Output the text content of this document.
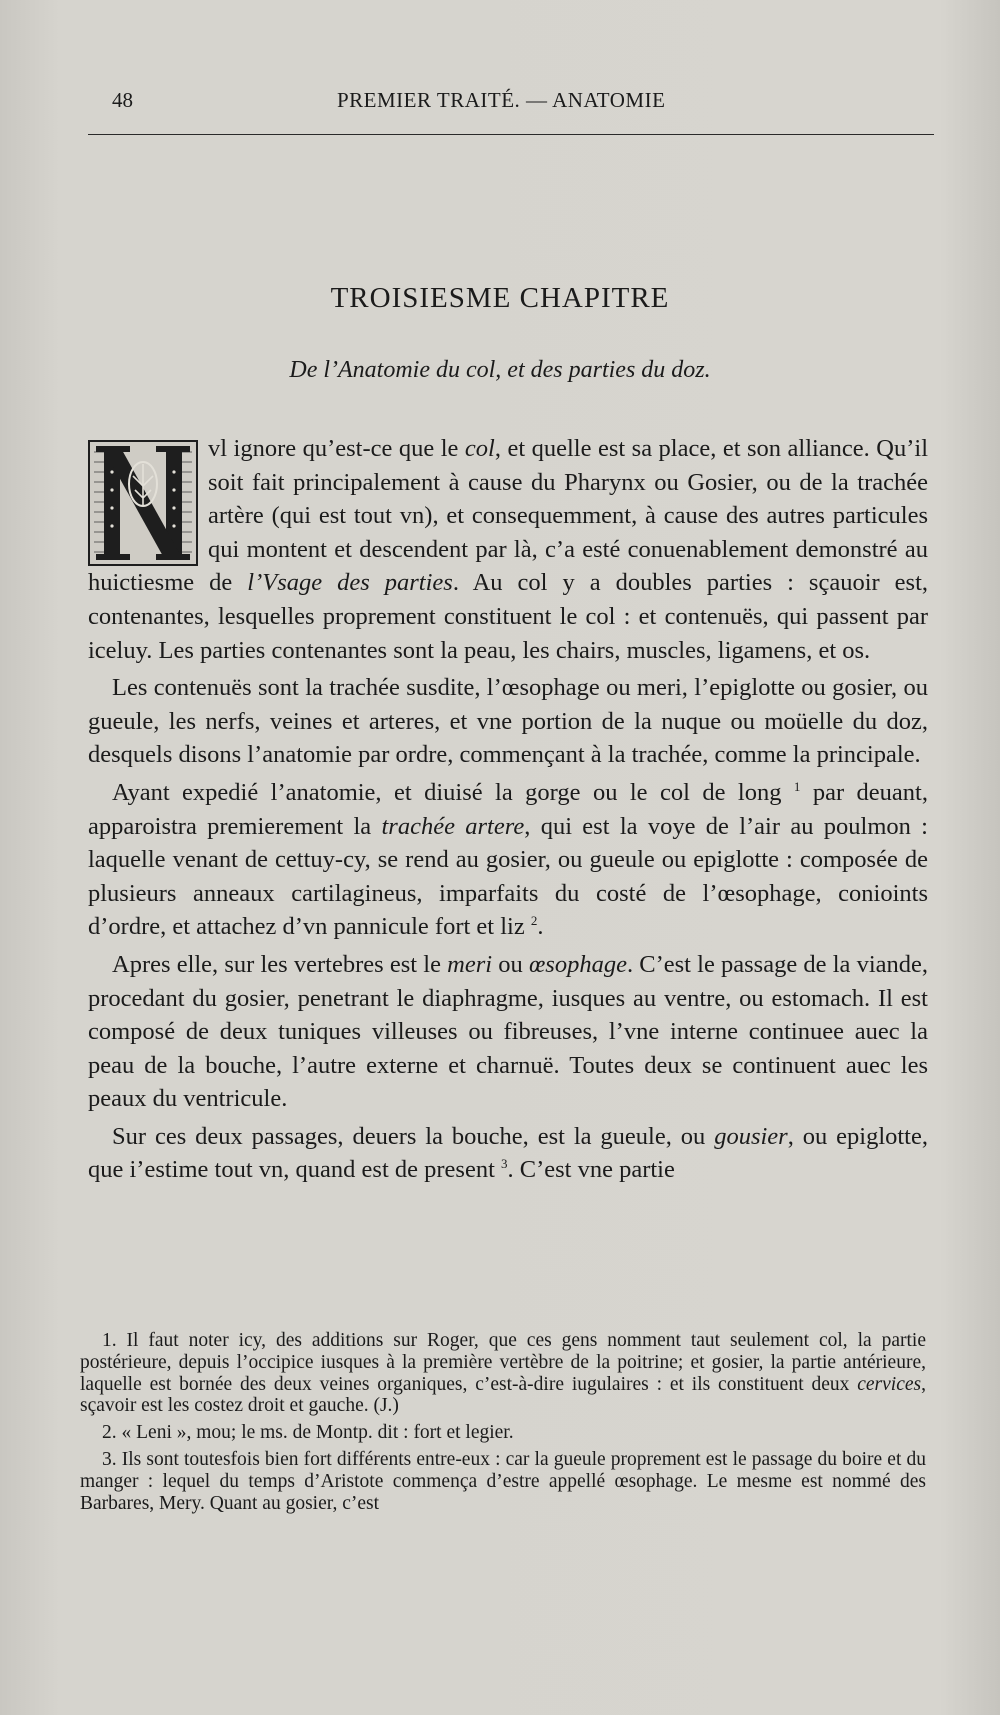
48	PREMIER TRAITÉ. — ANATOMIE
TROISIESME CHAPITRE
De l’Anatomie du col, et des parties du doz.

vl ignore qu’est-ce que le col, et quelle est sa place, et son alliance. Qu’il soit fait principalement à cause du Pharynx ou Gosier, ou de la trachée artère (qui est tout vn), et consequemment, à cause des autres particules qui montent et descendent par là, c’a esté conuenablement demonstré au huictiesme de l’Vsage des parties. Au col y a doubles parties : sçauoir est, contenantes, lesquelles proprement constituent le col : et contenuës, qui passent par iceluy. Les parties contenantes sont la peau, les chairs, muscles, ligamens, et os.

Les contenuës sont la trachée susdite, l’œsophage ou meri, l’epiglotte ou gosier, ou gueule, les nerfs, veines et arteres, et vne portion de la nuque ou moüelle du doz, desquels disons l’anatomie par ordre, commençant à la trachée, comme la principale.

Ayant expedié l’anatomie, et diuisé la gorge ou le col de long $^1$ par deuant, apparoistra premierement la trachée artere, qui est la voye de l’air au poulmon : laquelle venant de cettuy-cy, se rend au gosier, ou gueule ou epiglotte : composée de plusieurs anneaux cartilagineus, imparfaits du costé de l’œsophage, conioints d’ordre, et attachez d’vn pannicule fort et liz $^2$.

Apres elle, sur les vertebres est le meri ou œsophage. C’est le passage de la viande, procedant du gosier, penetrant le diaphragme, iusques au ventre, ou estomach. Il est composé de deux tuniques villeuses ou fibreuses, l’vne interne continuee auec la peau de la bouche, l’autre externe et charnuë. Toutes deux se continuent auec les peaux du ventricule.

Sur ces deux passages, deuers la bouche, est la gueule, ou gousier, ou epiglotte, que i’estime tout vn, quand est de present $^3$. C’est vne partie

1. Il faut noter icy, des additions sur Roger, que ces gens nomment taut seulement col, la partie postérieure, depuis l’occipice iusques à la première vertèbre de la poitrine; et gosier, la partie antérieure, laquelle est bornée des deux veines organiques, c’est-à-dire iugulaires : et ils constituent deux cervices, sçavoir est les costez droit et gauche. (J.)

2. « Leni », mou; le ms. de Montp. dit : fort et legier.

3. Ils sont toutesfois bien fort différents entre-eux : car la gueule proprement est le passage du boire et du manger : lequel du temps d’Aristote commença d’estre appellé œsophage. Le mesme est nommé des Barbares, Mery. Quant au gosier, c’est
